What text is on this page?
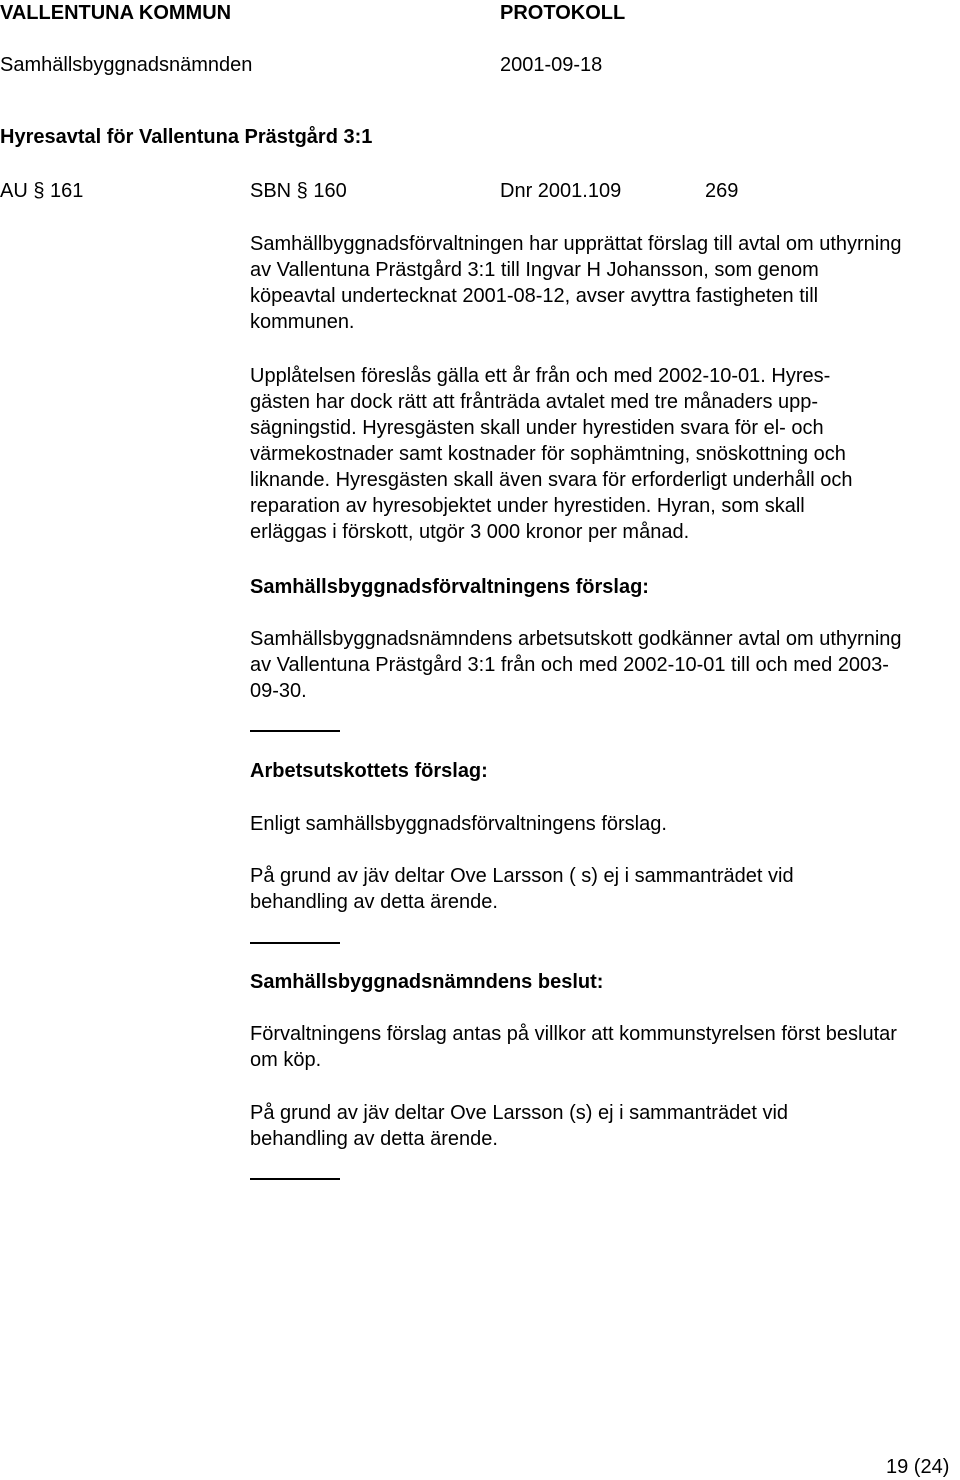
VALLENTUNA KOMMUN	PROTOKOLL
Samhällsbyggnadsnämnden	2001-09-18
Hyresavtal för Vallentuna Prästgård 3:1
AU § 161	SBN § 160	Dnr 2001.109	269

Samhällbyggnadsförvaltningen har upprättat förslag till avtal om uthyrning av Vallentuna Prästgård 3:1 till Ingvar H Johansson, som genom köpeavtal undertecknat 2001-08-12, avser avyttra fastigheten till kommunen.

Upplåtelsen föreslås gälla ett år från och med 2002-10-01. Hyres-
gästen har dock rätt att frånträda avtalet med tre månaders upp-
sägningstid. Hyresgästen skall under hyrestiden svara för el- och
värmekostnader samt kostnader för sophämtning, snöskottning och
liknande. Hyresgästen skall även svara för erforderligt underhåll och
reparation av hyresobjektet under hyrestiden. Hyran, som skall
erläggas i förskott, utgör 3 000 kronor per månad.
Samhällsbyggnadsförvaltningens förslag:

Samhällsbyggnadsnämndens arbetsutskott godkänner avtal om uthyrning av Vallentuna Prästgård 3:1 från och med 2002-10-01 till och med 2003-09-30.

Arbetsutskottets förslag:
Enligt samhällsbyggnadsförvaltningens förslag.

På grund av jäv deltar Ove Larsson ( s) ej i sammanträdet vid behandling av detta ärende.

Samhällsbyggnadsnämndens beslut:

Förvaltningens förslag antas på villkor att kommunstyrelsen först beslutar om köp.

På grund av jäv deltar Ove Larsson (s) ej i sammanträdet vid behandling av detta ärende.

19 (24)
